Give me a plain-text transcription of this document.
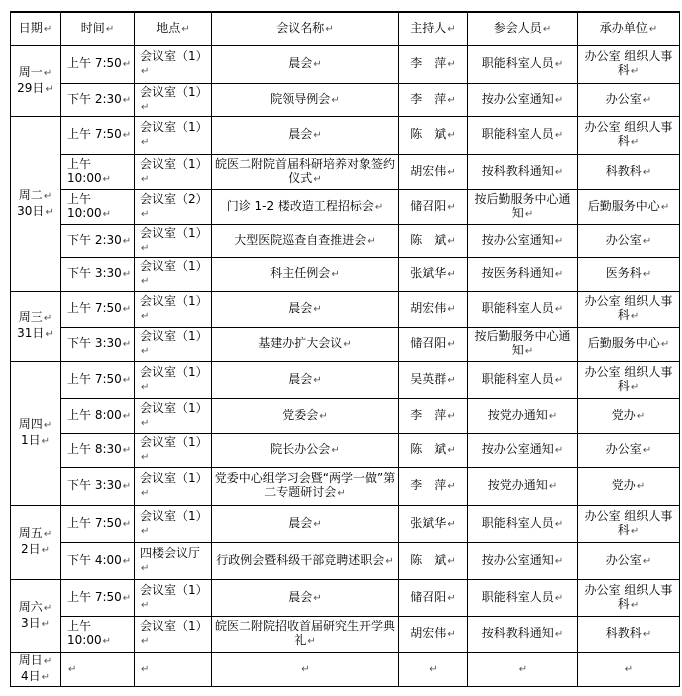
日期↵	时间↵	地点↵	会议名称↵	主持人↵	参会人员↵	承办单位↵
周一↵
29日↵	上午 7:50↵	会议室（1）↵	晨会↵	李　萍↵	职能科室人员↵	办公室 组织人事科↵
	下午 2:30↵	会议室（1）↵	院领导例会↵	李　萍↵	按办公室通知↵	办公室↵
周二↵
30日↵	上午 7:50↵	会议室（1）↵	晨会↵	陈　斌↵	职能科室人员↵	办公室 组织人事科↵
	上午 10:00↵	会议室（1）↵	皖医二附院首届科研培养对象签约仪式↵	胡宏伟↵	按科教科通知↵	科教科↵
	上午 10:00↵	会议室（2）↵	门诊 1-2 楼改造工程招标会↵	储召阳↵	按后勤服务中心通知↵	后勤服务中心↵
	下午 2:30↵	会议室（1）↵	大型医院巡查自查推进会↵	陈　斌↵	按办公室通知↵	办公室↵
	下午 3:30↵	会议室（1）↵	科主任例会↵	张斌华↵	按医务科通知↵	医务科↵
周三↵
31日↵	上午 7:50↵	会议室（1）↵	晨会↵	胡宏伟↵	职能科室人员↵	办公室 组织人事科↵
	下午 3:30↵	会议室（1）↵	基建办扩大会议↵	储召阳↵	按后勤服务中心通知↵	后勤服务中心↵
周四↵
1日↵	上午 7:50↵	会议室（1）↵	晨会↵	吴英群↵	职能科室人员↵	办公室 组织人事科↵
	上午 8:00↵	会议室（1）↵	党委会↵	李　萍↵	按党办通知↵	党办↵
	上午 8:30↵	会议室（1）↵	院长办公会↵	陈　斌↵	按办公室通知↵	办公室↵
	下午 3:30↵	会议室（1）↵	党委中心组学习会暨“两学一做”第二专题研讨会↵	李　萍↵	按党办通知↵	党办↵
周五↵
2日↵	上午 7:50↵	会议室（1）↵	晨会↵	张斌华↵	职能科室人员↵	办公室 组织人事科↵
	下午 4:00↵	四楼会议厅↵	行政例会暨科级干部竞聘述职会↵	陈　斌↵	按办公室通知↵	办公室↵
周六↵
3日↵	上午 7:50↵	会议室（1）↵	晨会↵	储召阳↵	职能科室人员↵	办公室 组织人事科↵
	上午 10:00↵	会议室（1）↵	皖医二附院招收首届研究生开学典礼↵	胡宏伟↵	按科教科通知↵	科教科↵
周日↵
4日↵	↵	↵	↵	↵	↵	↵
